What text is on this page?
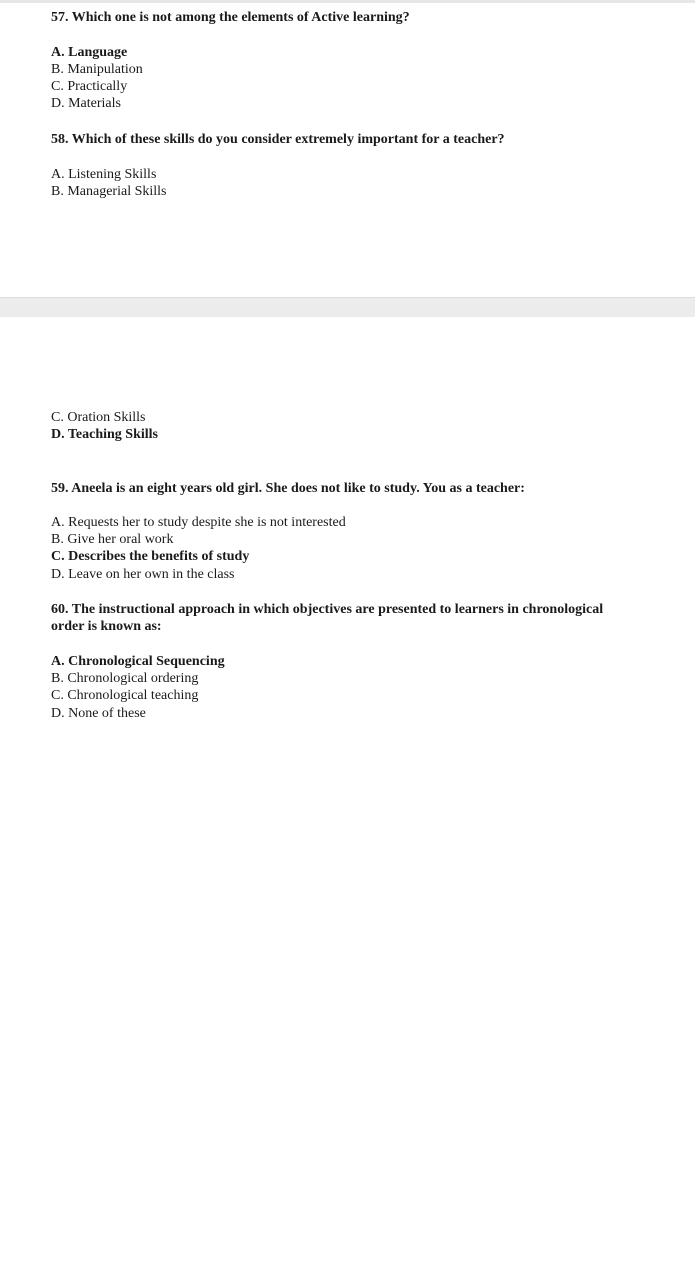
57. Which one is not among the elements of Active learning?
A. Language
B. Manipulation
C. Practically
D. Materials
58. Which of these skills do you consider extremely important for a teacher?
A. Listening Skills
B. Managerial Skills
C. Oration Skills
D. Teaching Skills
59. Aneela is an eight years old girl. She does not like to study. You as a teacher:
A. Requests her to study despite she is not interested
B. Give her oral work
C. Describes the benefits of study
D. Leave on her own in the class
60. The instructional approach in which objectives are presented to learners in chronological
order is known as:
A. Chronological Sequencing
B. Chronological ordering
C. Chronological teaching
D. None of these
